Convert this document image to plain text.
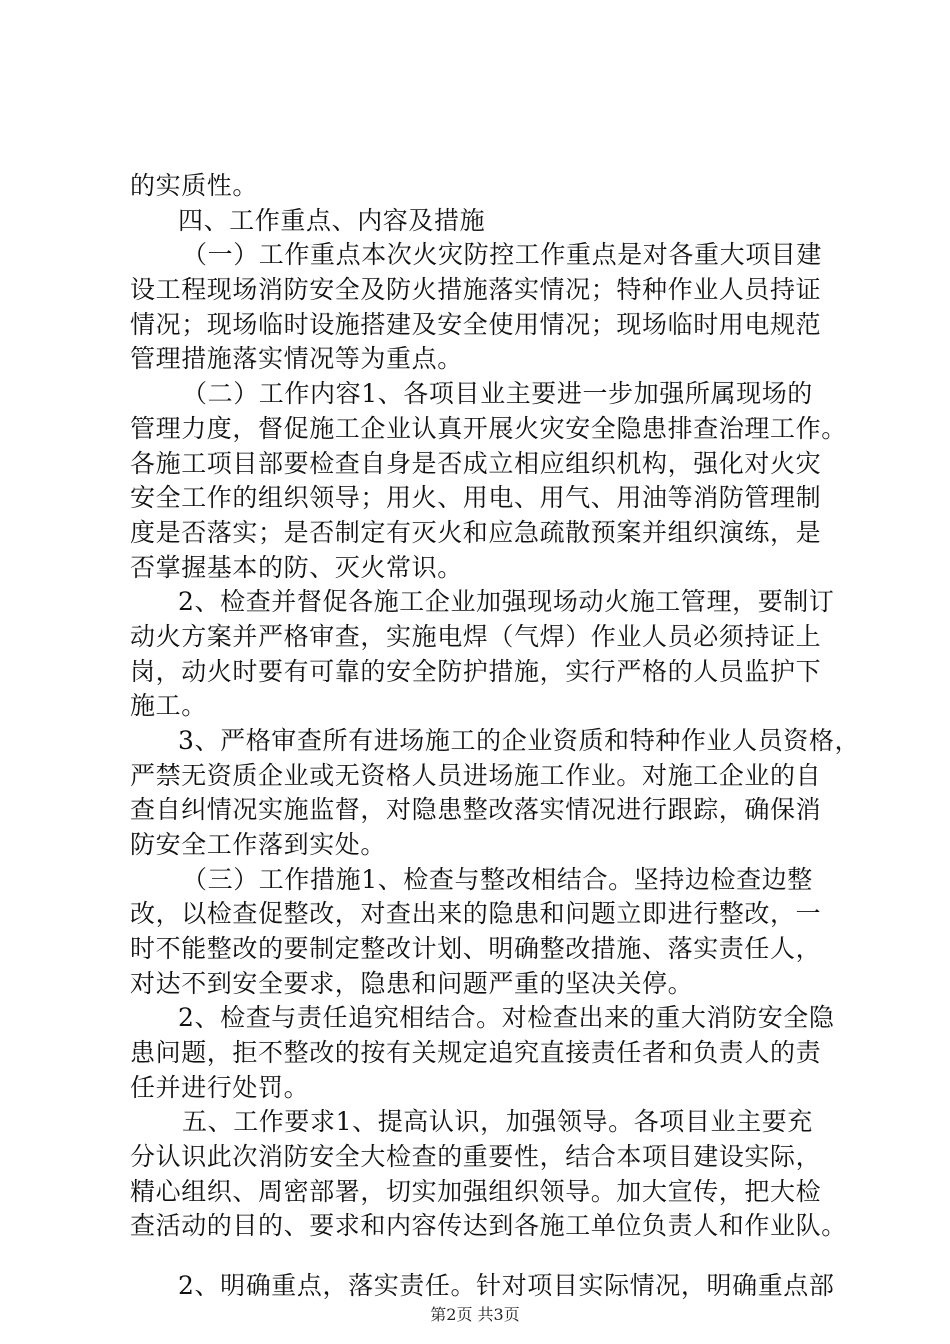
的实质性。
四、工作重点、内容及措施
（一）工作重点本次火灾防控工作重点是对各重大项目建
设工程现场消防安全及防火措施落实情况；特种作业人员持证
情况；现场临时设施搭建及安全使用情况；现场临时用电规范
管理措施落实情况等为重点。
（二）工作内容1、各项目业主要进一步加强所属现场的
管理力度，督促施工企业认真开展火灾安全隐患排查治理工作。
各施工项目部要检查自身是否成立相应组织机构，强化对火灾
安全工作的组织领导；用火、用电、用气、用油等消防管理制
度是否落实；是否制定有灭火和应急疏散预案并组织演练，是
否掌握基本的防、灭火常识。
2、检查并督促各施工企业加强现场动火施工管理，要制订
动火方案并严格审查，实施电焊（气焊）作业人员必须持证上
岗，动火时要有可靠的安全防护措施，实行严格的人员监护下
施工。
3、严格审查所有进场施工的企业资质和特种作业人员资格，
严禁无资质企业或无资格人员进场施工作业。对施工企业的自
查自纠情况实施监督，对隐患整改落实情况进行跟踪，确保消
防安全工作落到实处。
（三）工作措施1、检查与整改相结合。坚持边检查边整
改，以检查促整改，对查出来的隐患和问题立即进行整改，一
时不能整改的要制定整改计划、明确整改措施、落实责任人，
对达不到安全要求，隐患和问题严重的坚决关停。
2、检查与责任追究相结合。对检查出来的重大消防安全隐
患问题，拒不整改的按有关规定追究直接责任者和负责人的责
任并进行处罚。
五、工作要求1、提高认识，加强领导。各项目业主要充
分认识此次消防安全大检查的重要性，结合本项目建设实际，
精心组织、周密部署，切实加强组织领导。加大宣传，把大检
查活动的目的、要求和内容传达到各施工单位负责人和作业队。
2、明确重点，落实责任。针对项目实际情况，明确重点部
第2页 共3页
